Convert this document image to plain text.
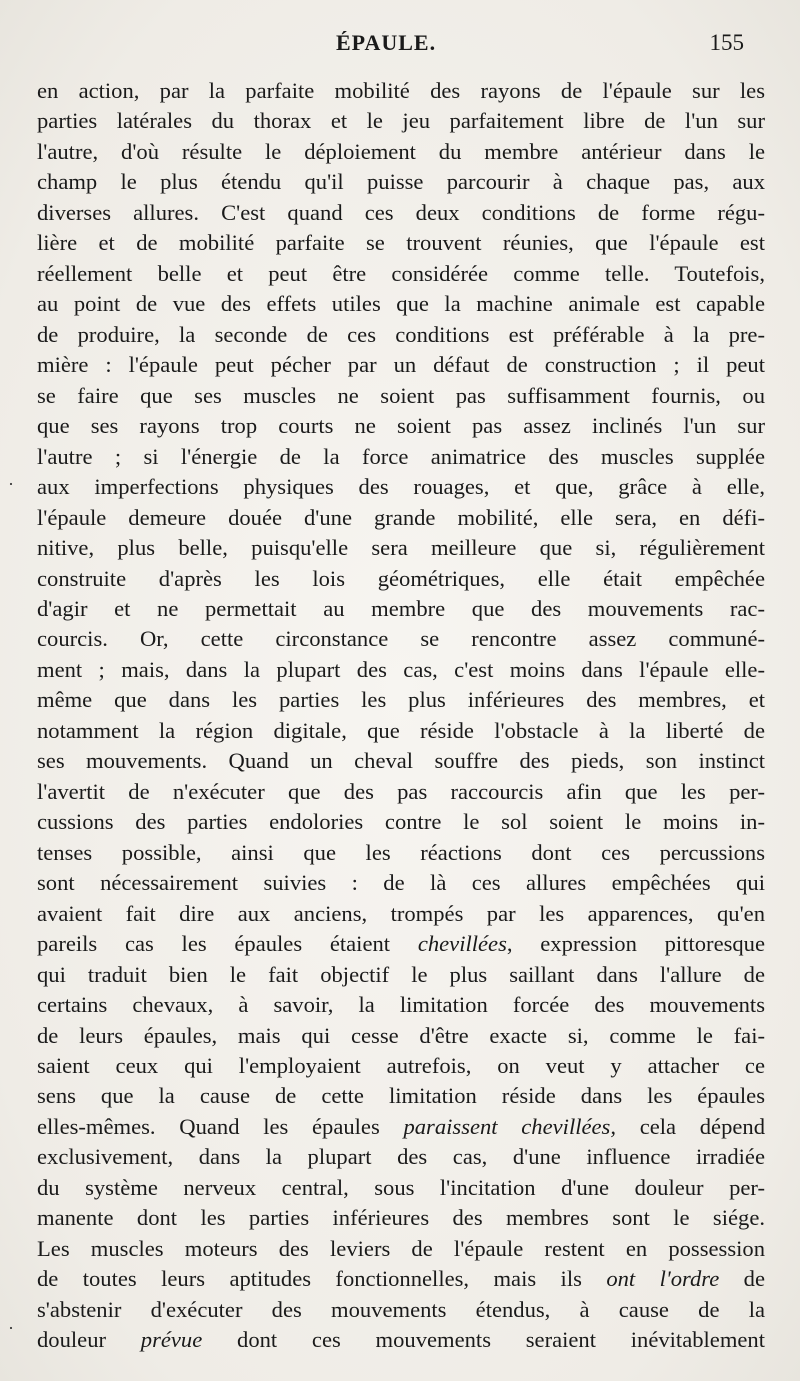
ÉPAULE.	155
en action, par la parfaite mobilité des rayons de l'épaule sur les
parties latérales du thorax et le jeu parfaitement libre de l'un sur
l'autre, d'où résulte le déploiement du membre antérieur dans le
champ le plus étendu qu'il puisse parcourir à chaque pas, aux
diverses allures. C'est quand ces deux conditions de forme régu-
lière et de mobilité parfaite se trouvent réunies, que l'épaule est
réellement belle et peut être considérée comme telle. Toutefois,
au point de vue des effets utiles que la machine animale est capable
de produire, la seconde de ces conditions est préférable à la pre-
mière : l'épaule peut pécher par un défaut de construction ; il peut
se faire que ses muscles ne soient pas suffisamment fournis, ou
que ses rayons trop courts ne soient pas assez inclinés l'un sur
l'autre ; si l'énergie de la force animatrice des muscles supplée
aux imperfections physiques des rouages, et que, grâce à elle,
l'épaule demeure douée d'une grande mobilité, elle sera, en défi-
nitive, plus belle, puisqu'elle sera meilleure que si, régulièrement
construite d'après les lois géométriques, elle était empêchée
d'agir et ne permettait au membre que des mouvements rac-
courcis. Or, cette circonstance se rencontre assez communé-
ment ; mais, dans la plupart des cas, c'est moins dans l'épaule elle-
même que dans les parties les plus inférieures des membres, et
notamment la région digitale, que réside l'obstacle à la liberté de
ses mouvements. Quand un cheval souffre des pieds, son instinct
l'avertit de n'exécuter que des pas raccourcis afin que les per-
cussions des parties endolories contre le sol soient le moins in-
tenses possible, ainsi que les réactions dont ces percussions
sont nécessairement suivies : de là ces allures empêchées qui
avaient fait dire aux anciens, trompés par les apparences, qu'en
pareils cas les épaules étaient chevillées, expression pittoresque
qui traduit bien le fait objectif le plus saillant dans l'allure de
certains chevaux, à savoir, la limitation forcée des mouvements
de leurs épaules, mais qui cesse d'être exacte si, comme le fai-
saient ceux qui l'employaient autrefois, on veut y attacher ce
sens que la cause de cette limitation réside dans les épaules
elles-mêmes. Quand les épaules paraissent chevillées, cela dépend
exclusivement, dans la plupart des cas, d'une influence irradiée
du système nerveux central, sous l'incitation d'une douleur per-
manente dont les parties inférieures des membres sont le siége.
Les muscles moteurs des leviers de l'épaule restent en possession
de toutes leurs aptitudes fonctionnelles, mais ils ont l'ordre de
s'abstenir d'exécuter des mouvements étendus, à cause de la
douleur prévue dont ces mouvements seraient inévitablement
·
·
